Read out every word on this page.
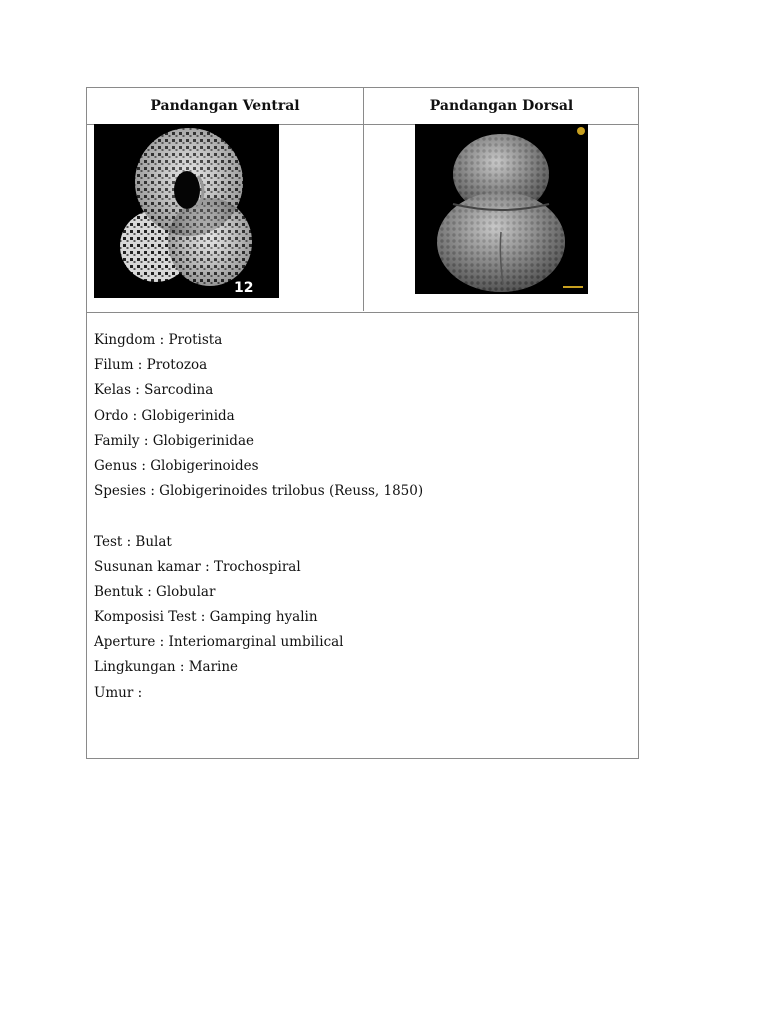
Pandangan Ventral	Pandangan Dorsal
12
Kingdom : Protista
Filum : Protozoa
Kelas : Sarcodina
Ordo : Globigerinida
Family : Globigerinidae
Genus : Globigerinoides
Spesies : Globigerinoides trilobus (Reuss, 1850)
Test : Bulat
Susunan kamar : Trochospiral
Bentuk : Globular
Komposisi Test : Gamping hyalin
Aperture : Interiomarginal umbilical
Lingkungan : Marine
Umur :
